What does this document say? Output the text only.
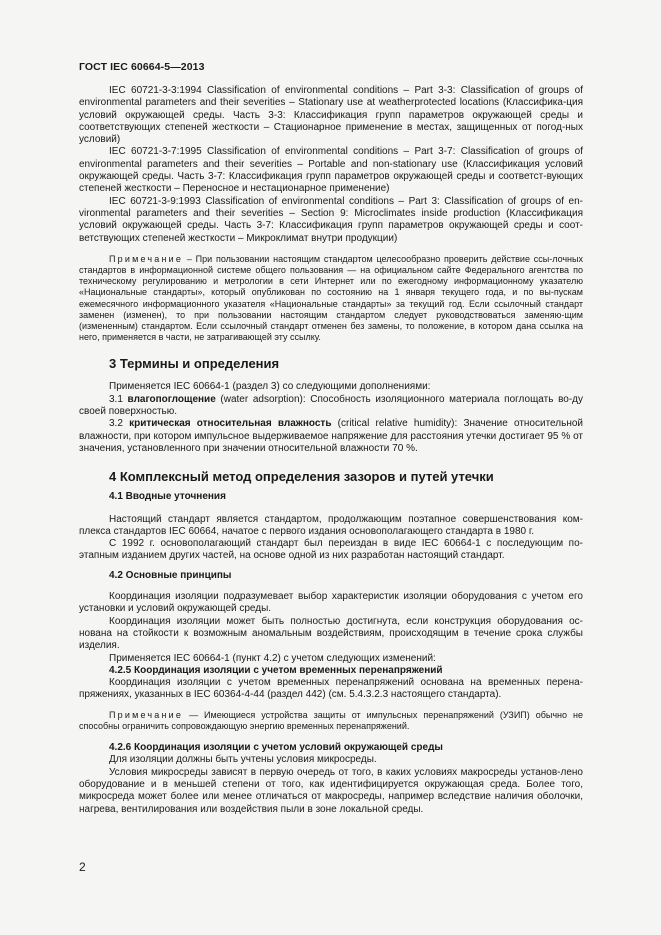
ГОСТ IEC 60664-5—2013

IEC 60721-3-3:1994 Classification of environmental conditions – Part 3-3: Classification of groups of environmental parameters and their severities – Stationary use at weatherprotected locations (Классифика-ция условий окружающей среды. Часть 3-3: Классификация групп параметров окружающей среды и соответствующих степеней жесткости – Стационарное применение в местах, защищенных от погод-ных условий)

IEC 60721-3-7:1995 Classification of environmental conditions – Part 3-7: Classification of groups of environmental parameters and their severities – Portable and non-stationary use (Классификация условий окружающей среды. Часть 3-7: Классификация групп параметров окружающей среды и соответст-вующих степеней жесткости – Переносное и нестационарное применение)

IEC 60721-3-9:1993 Classification of environmental conditions – Part 3: Classification of groups of en-vironmental parameters and their severities – Section 9: Microclimates inside production (Классификация условий окружающей среды. Часть 3-7: Классификация групп параметров окружающей среды и соот-ветствующих степеней жесткости – Микроклимат внутри продукции)

Примечание – При пользовании настоящим стандартом целесообразно проверить действие ссы-лочных стандартов в информационной системе общего пользования — на официальном сайте Федерального агентства по техническому регулированию и метрологии в сети Интернет или по ежегодному информационному указателю «Национальные стандарты», который опубликован по состоянию на 1 января текущего года, и по вы-пускам ежемесячного информационного указателя «Национальные стандарты» за текущий год. Если ссылочный стандарт заменен (изменен), то при пользовании настоящим стандартом следует руководствоваться заменяю-щим (измененным) стандартом. Если ссылочный стандарт отменен без замены, то положение, в котором дана ссылка на него, применяется в части, не затрагивающей эту ссылку.

3 Термины и определения

Применяется IEC 60664-1 (раздел 3) со следующими дополнениями:

3.1 влагопоглощение (water adsorption): Способность изоляционного материала поглощать во-ду своей поверхностью.

3.2 критическая относительная влажность (critical relative humidity): Значение относительной влажности, при котором импульсное выдерживаемое напряжение для расстояния утечки достигает 95 % от значения, установленного при значении относительной влажности 70 %.

4 Комплексный метод определения зазоров и путей утечки
4.1 Вводные уточнения

Настоящий стандарт является стандартом, продолжающим поэтапное совершенствования ком-плекса стандартов IEC 60664, начатое с первого издания основополагающего стандарта в 1980 г.

С 1992 г. основополагающий стандарт был переиздан в виде IEC 60664-1 с последующим по-этапным изданием других частей, на основе одной из них разработан настоящий стандарт.

4.2 Основные принципы

Координация изоляции подразумевает выбор характеристик изоляции оборудования с учетом его установки и условий окружающей среды.

Координация изоляции может быть полностью достигнута, если конструкция оборудования ос-нована на стойкости к возможным аномальным воздействиям, происходящим в течение срока службы изделия.

Применяется IEC 60664-1 (пункт 4.2) с учетом следующих изменений:

4.2.5 Координация изоляции с учетом временных перенапряжений

Координация изоляции с учетом временных перенапряжений основана на временных перена-пряжениях, указанных в IEC 60364-4-44 (раздел 442) (см. 5.4.3.2.3 настоящего стандарта).

Примечание — Имеющиеся устройства защиты от импульсных перенапряжений (УЗИП) обычно не способны ограничить сопровождающую энергию временных перенапряжений.

4.2.6 Координация изоляции с учетом условий окружающей среды

Для изоляции должны быть учтены условия микросреды.

Условия микросреды зависят в первую очередь от того, в каких условиях макросреды установ-лено оборудование и в меньшей степени от того, как идентифицируется окружающая среда. Более того, микросреда может более или менее отличаться от макросреды, например вследствие наличия оболочки, нагрева, вентилирования или воздействия пыли в зоне локальной среды.

2
